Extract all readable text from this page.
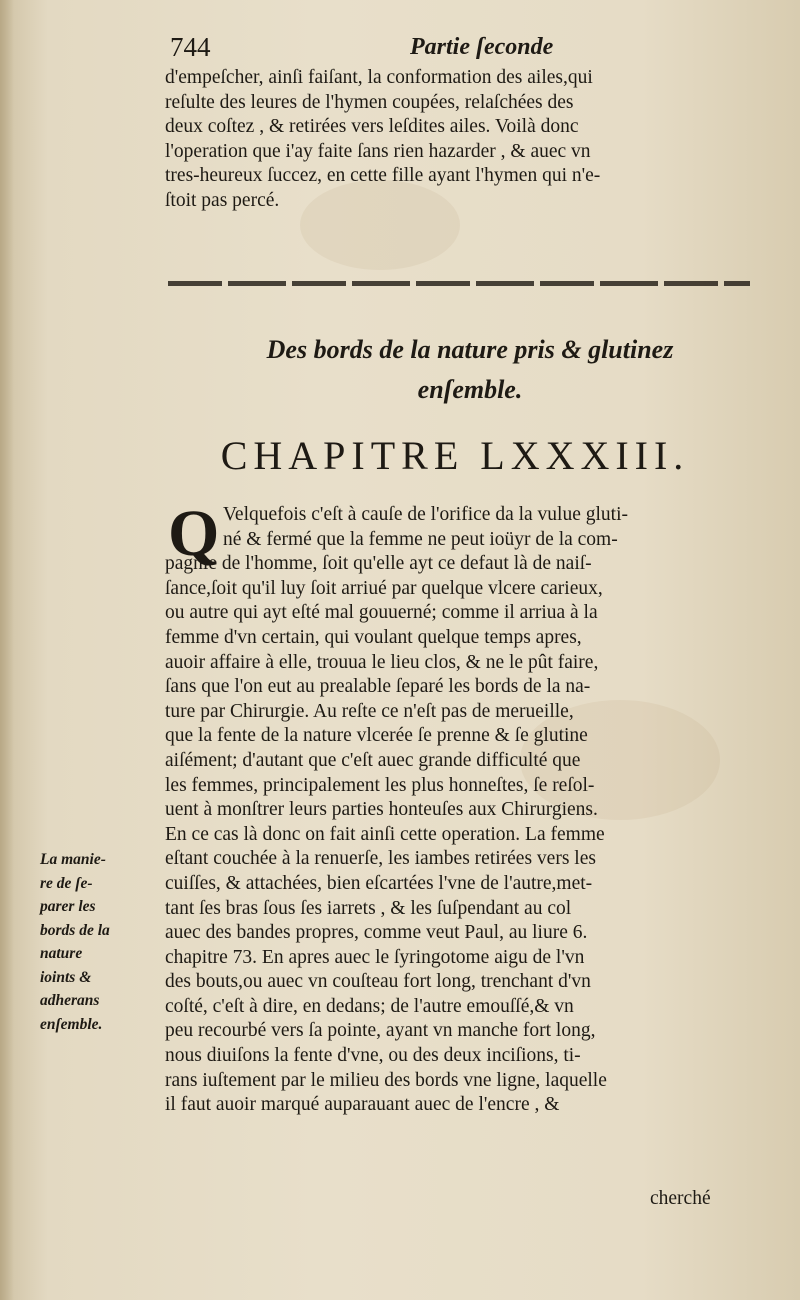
744	Partie ſeconde
d'empeſcher, ainſi faiſant, la conformation des ailes,qui
reſulte des leures de l'hymen coupées, relaſchées des
deux coſtez , & retirées vers leſdites ailes. Voilà donc
l'operation que i'ay faite ſans rien hazarder , & auec vn
tres-heureux ſuccez, en cette fille ayant l'hymen qui n'e-
ſtoit pas percé.
Des bords de la nature pris & glutinez
enſemble.
CHAPITRE LXXXIII.
Q Velquefois c'eſt à cauſe de l'orifice da la vulue gluti-
né & fermé que la femme ne peut ioüyr de la com-
pagnie de l'homme, ſoit qu'elle ayt ce defaut là de naiſ-
ſance,ſoit qu'il luy ſoit arriué par quelque vlcere carieux,
ou autre qui ayt eſté mal gouuerné; comme il arriua à la
femme d'vn certain, qui voulant quelque temps apres,
auoir affaire à elle, trouua le lieu clos, & ne le pût faire,
ſans que l'on eut au prealable ſeparé les bords de la na-
ture par Chirurgie. Au reſte ce n'eſt pas de merueille,
que la fente de la nature vlcerée ſe prenne & ſe glutine
aiſément; d'autant que c'eſt auec grande difficulté que
les femmes, principalement les plus honneſtes, ſe reſol-
uent à monſtrer leurs parties honteuſes aux Chirurgiens.
En ce cas là donc on fait ainſi cette operation. La femme
eſtant couchée à la renuerſe, les iambes retirées vers les
cuiſſes, & attachées, bien eſcartées l'vne de l'autre,met-
tant ſes bras ſous ſes iarrets , & les ſuſpendant au col
auec des bandes propres, comme veut Paul, au liure 6.
chapitre 73. En apres auec le ſyringotome aigu de l'vn
des bouts,ou auec vn couſteau fort long, trenchant d'vn
coſté, c'eſt à dire, en dedans; de l'autre emouſſé,& vn
peu recourbé vers ſa pointe, ayant vn manche fort long,
nous diuiſons la fente d'vne, ou des deux inciſions, ti-
rans iuſtement par le milieu des bords vne ligne, laquelle
il faut auoir marqué auparauant auec de l'encre , &
cherché
La manie-
re de ſe-
parer les
bords de la
nature
ioints &
adherans
enſemble.
